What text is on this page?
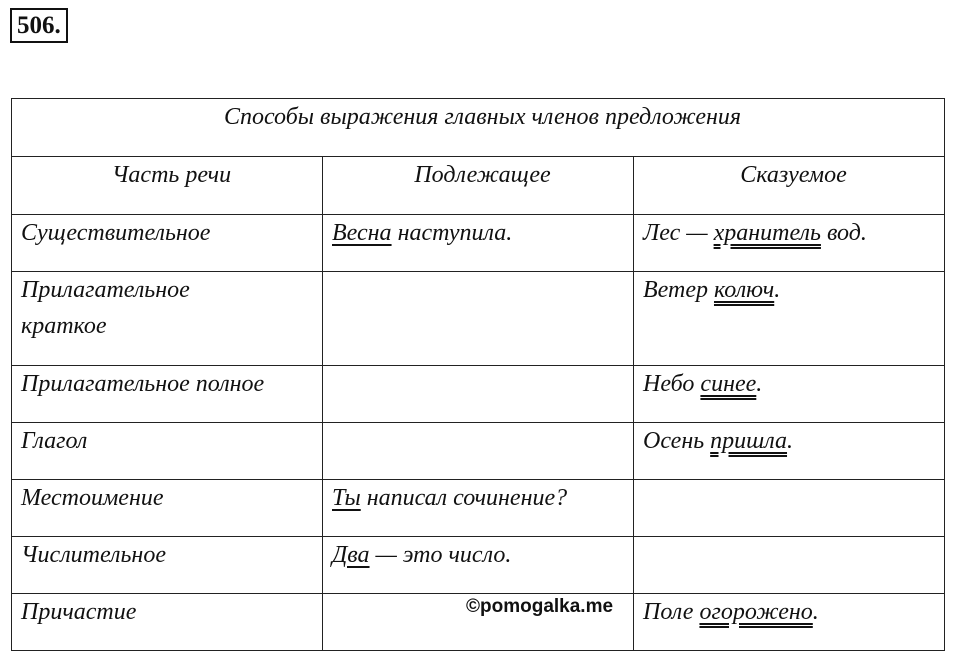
506.
Способы выражения главных членов предложения		
Часть речи	Подлежащее	Сказуемое
Существительное	Весна наступила.	Лес — хранитель вод.
Прилагательное краткое		Ветер колюч.
Прилагательное полное		Небо синее.
Глагол		Осень пришла.
Местоимение	Ты написал сочинение?	
Числительное	Два — это число.	
Причастие		Поле огорожено.
©pomogalka.me
